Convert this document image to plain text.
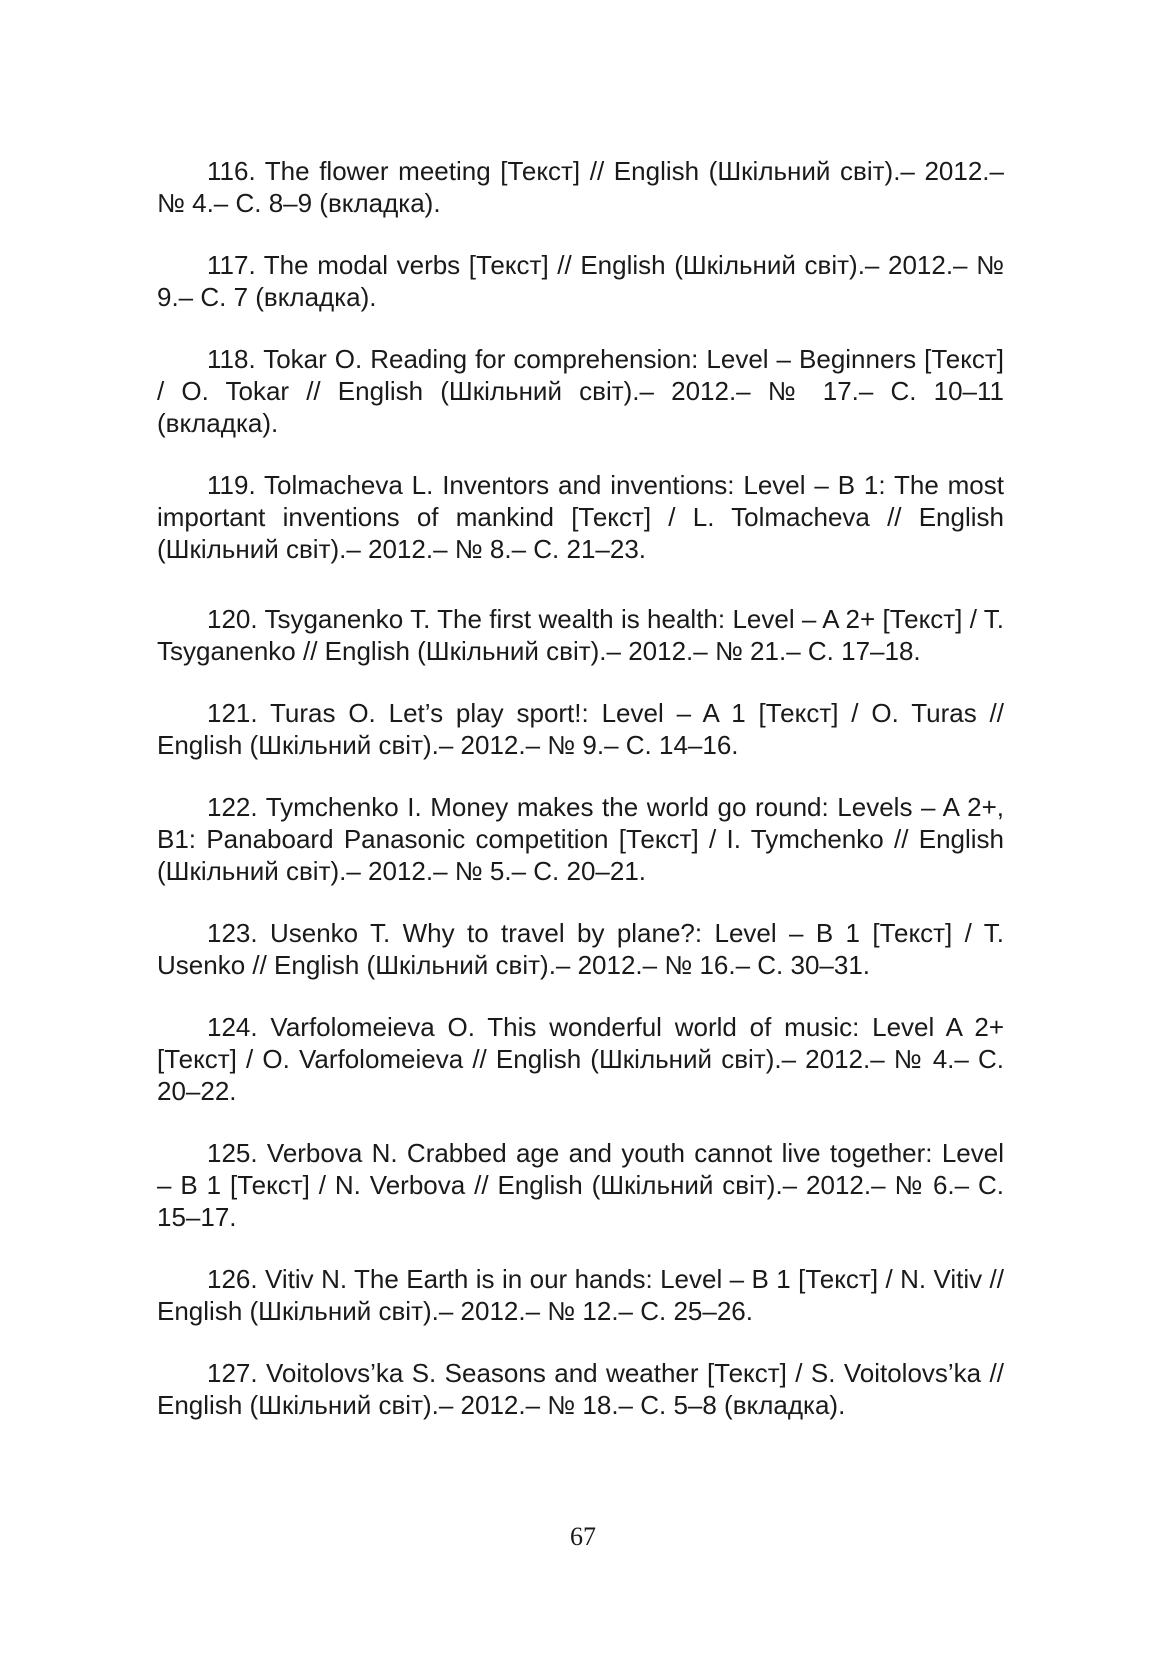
116. The flower meeting [Текст] // English (Шкільний світ).– 2012.– № 4.– С. 8–9 (вкладка).

117. The modal verbs [Текст] // English (Шкільний світ).– 2012.– № 9.– С. 7 (вкладка).

118. Tokar O. Reading for comprehension: Level – Beginners [Текст] / O. Tokar // English (Шкільний світ).– 2012.– № 17.– С. 10–11 (вкладка).

119. Tolmacheva L. Inventors and inventions: Level – B 1: The most important inventions of mankind [Текст] / L. Tolmacheva // English (Шкільний світ).– 2012.– № 8.– С. 21–23.

120. Tsyganenko T. The first wealth is health: Level – A 2+ [Текст] / T. Tsyganenko // English (Шкільний світ).– 2012.– № 21.– С. 17–18.

121. Turas O. Let’s play sport!: Level – A 1 [Текст] / O. Turas // English (Шкільний світ).– 2012.– № 9.– С. 14–16.

122. Tymchenko I. Money makes the world go round: Levels – A 2+, B1: Panaboard Panasonic competition [Текст] / I. Tymchenko // English (Шкільний світ).– 2012.– № 5.– С. 20–21.

123. Usenko T. Why to travel by plane?: Level – B 1 [Текст] / T. Usenko // English (Шкільний світ).– 2012.– № 16.– С. 30–31.

124. Varfolomeieva O. This wonderful world of music: Level A 2+ [Текст] / O. Varfolomeieva // English (Шкільний світ).– 2012.– № 4.– С. 20–22.

125. Verbova N. Crabbed age and youth cannot live together: Level – B 1 [Текст] / N. Verbova // English (Шкільний світ).– 2012.– № 6.– С. 15–17.

126. Vitiv N. The Earth is in our hands: Level – B 1 [Текст] / N. Vitiv // English (Шкільний світ).– 2012.– № 12.– С. 25–26.

127. Voitolovs’ka S. Seasons and weather [Текст] / S. Voitolovs’ka // English (Шкільний світ).– 2012.– № 18.– С. 5–8 (вкладка).

67
